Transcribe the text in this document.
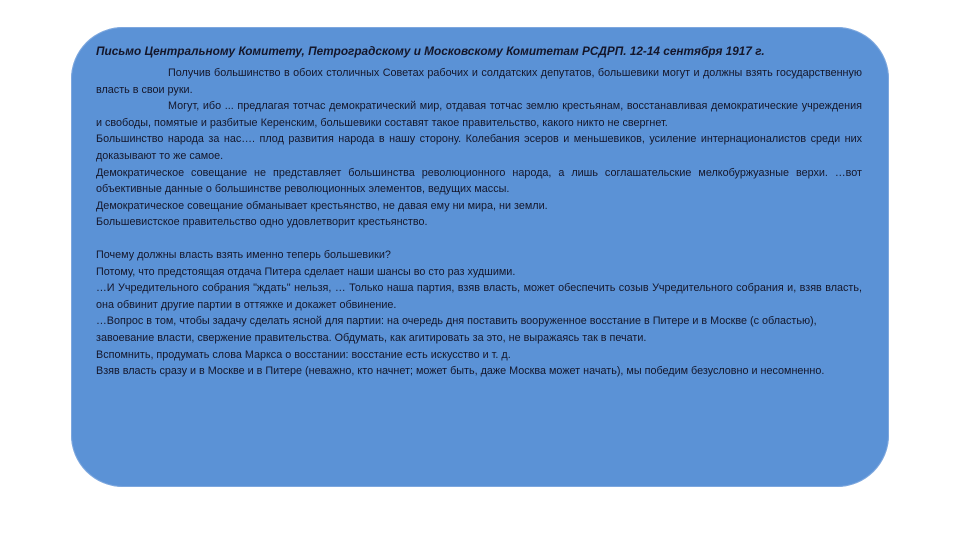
Письмо Центральному Комитету, Петроградскому и Московскому Комитетам РСДРП. 12-14 сентября 1917 г.

Получив большинство в обоих столичных Советах рабочих и солдатских депутатов, большевики могут и должны взять государственную власть в свои руки.

Могут, ибо ... предлагая тотчас демократический мир, отдавая тотчас землю крестьянам, восстанавливая демократические учреждения и свободы, помятые и разбитые Керенским, большевики составят такое правительство, какого никто не свергнет.

Большинство народа за нас…. плод развития народа в нашу сторону. Колебания эсеров и меньшевиков, усиление интернационалистов среди них доказывают то же самое.

Демократическое совещание не представляет большинства революционного народа, а лишь соглашательские мелкобуржуазные верхи. …вот объективные данные о большинстве революционных элементов, ведущих массы.

Демократическое совещание обманывает крестьянство, не давая ему ни мира, ни земли.

Большевистское правительство одно удовлетворит крестьянство.

Почему должны власть взять именно теперь большевики?

Потому, что предстоящая отдача Питера сделает наши шансы во сто раз худшими.

…И Учредительного собрания "ждать" нельзя, … Только наша партия, взяв власть, может обеспечить созыв Учредительного собрания и, взяв власть, она обвинит другие партии в оттяжке и докажет обвинение.

…Вопрос в том, чтобы задачу сделать ясной для партии: на очередь дня поставить вооруженное восстание в Питере и в Москве (с областью), завоевание власти, свержение правительства. Обдумать, как агитировать за это, не выражаясь так в печати.

Вспомнить, продумать слова Маркса о восстании: восстание есть искусство и т. д.

Взяв власть сразу и в Москве и в Питере (неважно, кто начнет; может быть, даже Москва может начать), мы победим безусловно и несомненно.
